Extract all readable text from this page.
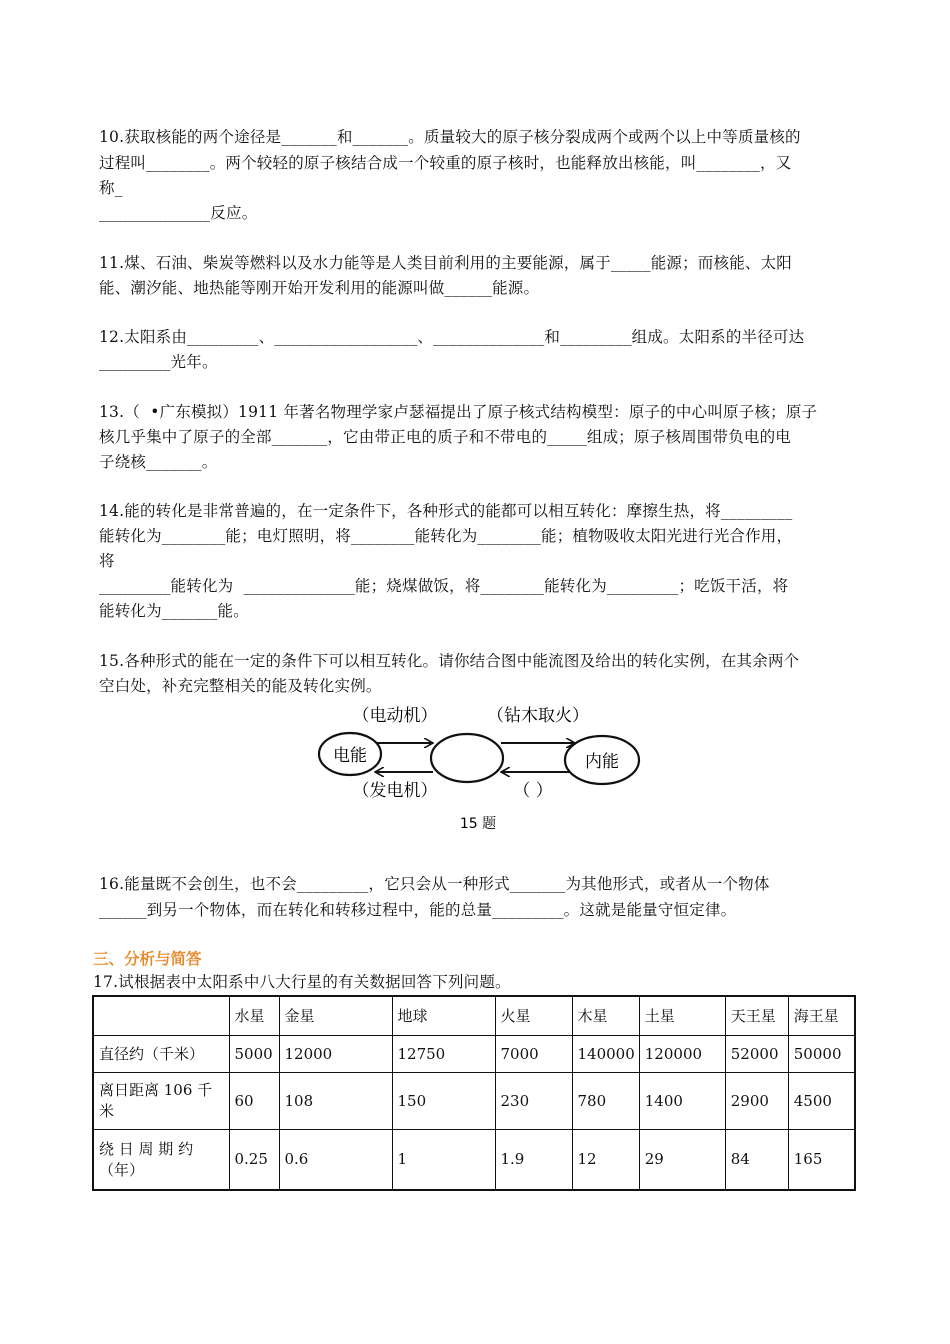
10.获取核能的两个途径是_______和_______。质量较大的原子核分裂成两个或两个以上中等质量核的
过程叫________。两个较轻的原子核结合成一个较重的原子核时，也能释放出核能，叫________，又
称_
______________反应。
11.煤、石油、柴炭等燃料以及水力能等是人类目前利用的主要能源，属于_____能源；而核能、太阳
能、潮汐能、地热能等刚开始开发利用的能源叫做______能源。
12.太阳系由_________、__________________、______________和_________组成。太阳系的半径可达
_________光年。
13.（  •广东模拟）1911 年著名物理学家卢瑟福提出了原子核式结构模型：原子的中心叫原子核；原子
核几乎集中了原子的全部_______，它由带正电的质子和不带电的_____组成；原子核周围带负电的电
子绕核_______。
14.能的转化是非常普遍的，在一定条件下，各种形式的能都可以相互转化：摩擦生热，将_________
能转化为________能；电灯照明，将________能转化为________能；植物吸收太阳光进行光合作用，
将
_________能转化为  ______________能；烧煤做饭，将________能转化为_________；吃饭干活，将
能转化为_______能。
15.各种形式的能在一定的条件下可以相互转化。请你结合图中能流图及给出的转化实例，在其余两个
空白处，补充完整相关的能及转化实例。
电能	内能
（电动机）	（钻木取火）
（发电机）	（ ）
15 题
16.能量既不会创生，也不会_________，它只会从一种形式_______为其他形式，或者从一个物体
______到另一个物体，而在转化和转移过程中，能的总量_________。这就是能量守恒定律。
三、分析与简答
17.试根据表中太阳系中八大行星的有关数据回答下列问题。
	水星	金星	地球	火星	木星	土星	天王星	海王星
直径约（千米）	5000	12000	12750	7000	140000	120000	52000	50000
离日距离 106 千米	60	108	150	230	780	1400	2900	4500
绕 日 周 期 约（年）	0.25	0.6	1	1.9	12	29	84	165
